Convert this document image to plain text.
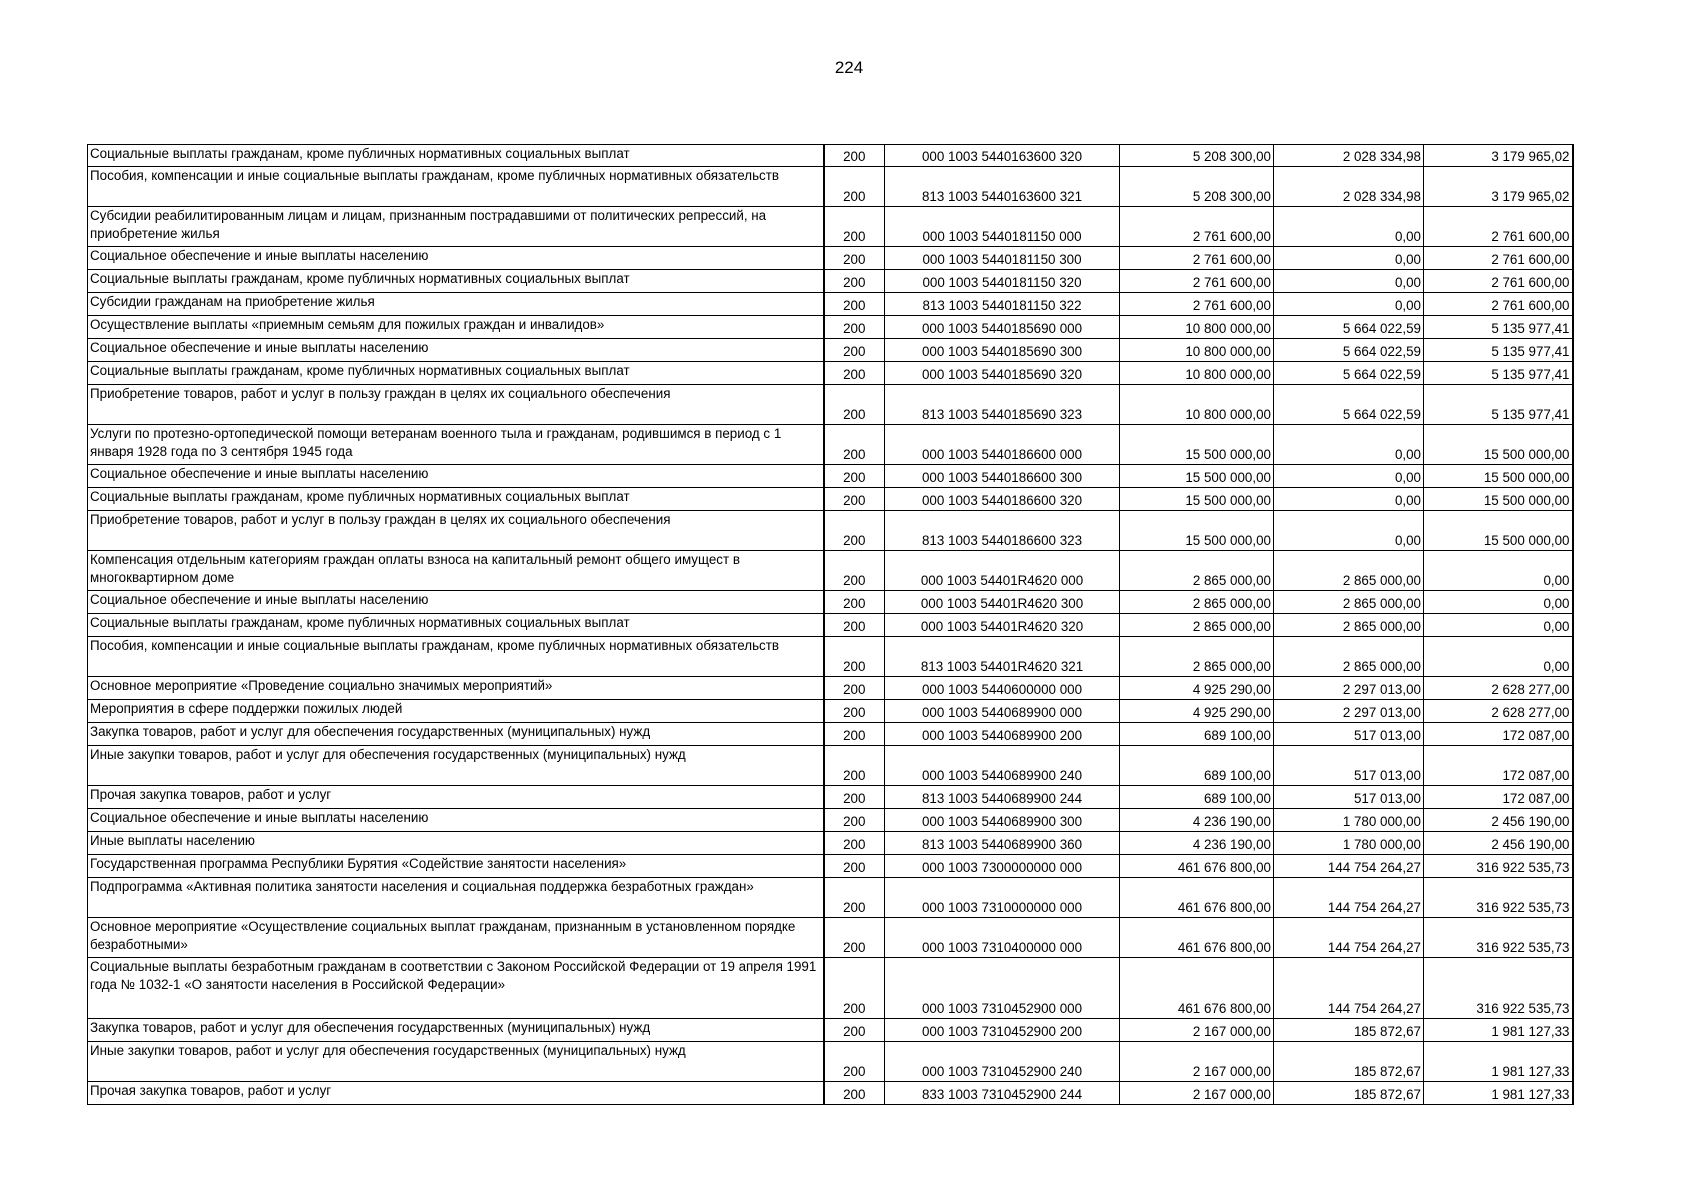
224
Социальные выплаты гражданам, кроме публичных нормативных социальных выплат	200	000 1003 5440163600 320	5 208 300,00	2 028 334,98	3 179 965,02
Пособия, компенсации и иные социальные выплаты гражданам, кроме публичных нормативных обязательств	200	813 1003 5440163600 321	5 208 300,00	2 028 334,98	3 179 965,02
Субсидии реабилитированным лицам и лицам, признанным пострадавшими от политических репрессий, на приобретение жилья	200	000 1003 5440181150 000	2 761 600,00	0,00	2 761 600,00
Социальное обеспечение и иные выплаты населению	200	000 1003 5440181150 300	2 761 600,00	0,00	2 761 600,00
Социальные выплаты гражданам, кроме публичных нормативных социальных выплат	200	000 1003 5440181150 320	2 761 600,00	0,00	2 761 600,00
Субсидии гражданам на приобретение жилья	200	813 1003 5440181150 322	2 761 600,00	0,00	2 761 600,00
Осуществление выплаты «приемным семьям для пожилых граждан и инвалидов»	200	000 1003 5440185690 000	10 800 000,00	5 664 022,59	5 135 977,41
Социальное обеспечение и иные выплаты населению	200	000 1003 5440185690 300	10 800 000,00	5 664 022,59	5 135 977,41
Социальные выплаты гражданам, кроме публичных нормативных социальных выплат	200	000 1003 5440185690 320	10 800 000,00	5 664 022,59	5 135 977,41
Приобретение товаров, работ и услуг в пользу граждан в целях их социального обеспечения	200	813 1003 5440185690 323	10 800 000,00	5 664 022,59	5 135 977,41
Услуги по протезно-ортопедической помощи ветеранам военного тыла и гражданам, родившимся в период с 1 января 1928 года по 3 сентября 1945 года	200	000 1003 5440186600 000	15 500 000,00	0,00	15 500 000,00
Социальное обеспечение и иные выплаты населению	200	000 1003 5440186600 300	15 500 000,00	0,00	15 500 000,00
Социальные выплаты гражданам, кроме публичных нормативных социальных выплат	200	000 1003 5440186600 320	15 500 000,00	0,00	15 500 000,00
Приобретение товаров, работ и услуг в пользу граждан в целях их социального обеспечения	200	813 1003 5440186600 323	15 500 000,00	0,00	15 500 000,00
Компенсация отдельным категориям граждан оплаты взноса на капитальный ремонт общего имущест в многоквартирном доме	200	000 1003 54401R4620 000	2 865 000,00	2 865 000,00	0,00
Социальное обеспечение и иные выплаты населению	200	000 1003 54401R4620 300	2 865 000,00	2 865 000,00	0,00
Социальные выплаты гражданам, кроме публичных нормативных социальных выплат	200	000 1003 54401R4620 320	2 865 000,00	2 865 000,00	0,00
Пособия, компенсации и иные социальные выплаты гражданам, кроме публичных нормативных обязательств	200	813 1003 54401R4620 321	2 865 000,00	2 865 000,00	0,00
Основное мероприятие «Проведение социально значимых мероприятий»	200	000 1003 5440600000 000	4 925 290,00	2 297 013,00	2 628 277,00
Мероприятия в сфере поддержки пожилых людей	200	000 1003 5440689900 000	4 925 290,00	2 297 013,00	2 628 277,00
Закупка товаров, работ и услуг для обеспечения государственных (муниципальных) нужд	200	000 1003 5440689900 200	689 100,00	517 013,00	172 087,00
Иные закупки товаров, работ и услуг для обеспечения государственных (муниципальных) нужд	200	000 1003 5440689900 240	689 100,00	517 013,00	172 087,00
Прочая закупка товаров, работ и услуг	200	813 1003 5440689900 244	689 100,00	517 013,00	172 087,00
Социальное обеспечение и иные выплаты населению	200	000 1003 5440689900 300	4 236 190,00	1 780 000,00	2 456 190,00
Иные выплаты населению	200	813 1003 5440689900 360	4 236 190,00	1 780 000,00	2 456 190,00
Государственная программа Республики Бурятия «Содействие занятости населения»	200	000 1003 7300000000 000	461 676 800,00	144 754 264,27	316 922 535,73
Подпрограмма «Активная политика занятости населения и социальная поддержка безработных граждан»	200	000 1003 7310000000 000	461 676 800,00	144 754 264,27	316 922 535,73
Основное мероприятие «Осуществление социальных выплат гражданам, признанным в установленном порядке безработными»	200	000 1003 7310400000 000	461 676 800,00	144 754 264,27	316 922 535,73
Социальные выплаты безработным гражданам в соответствии с Законом Российской Федерации от 19 апреля 1991 года № 1032-1 «О занятости населения в Российской Федерации»	200	000 1003 7310452900 000	461 676 800,00	144 754 264,27	316 922 535,73
Закупка товаров, работ и услуг для обеспечения государственных (муниципальных) нужд	200	000 1003 7310452900 200	2 167 000,00	185 872,67	1 981 127,33
Иные закупки товаров, работ и услуг для обеспечения государственных (муниципальных) нужд	200	000 1003 7310452900 240	2 167 000,00	185 872,67	1 981 127,33
Прочая закупка товаров, работ и услуг	200	833 1003 7310452900 244	2 167 000,00	185 872,67	1 981 127,33
